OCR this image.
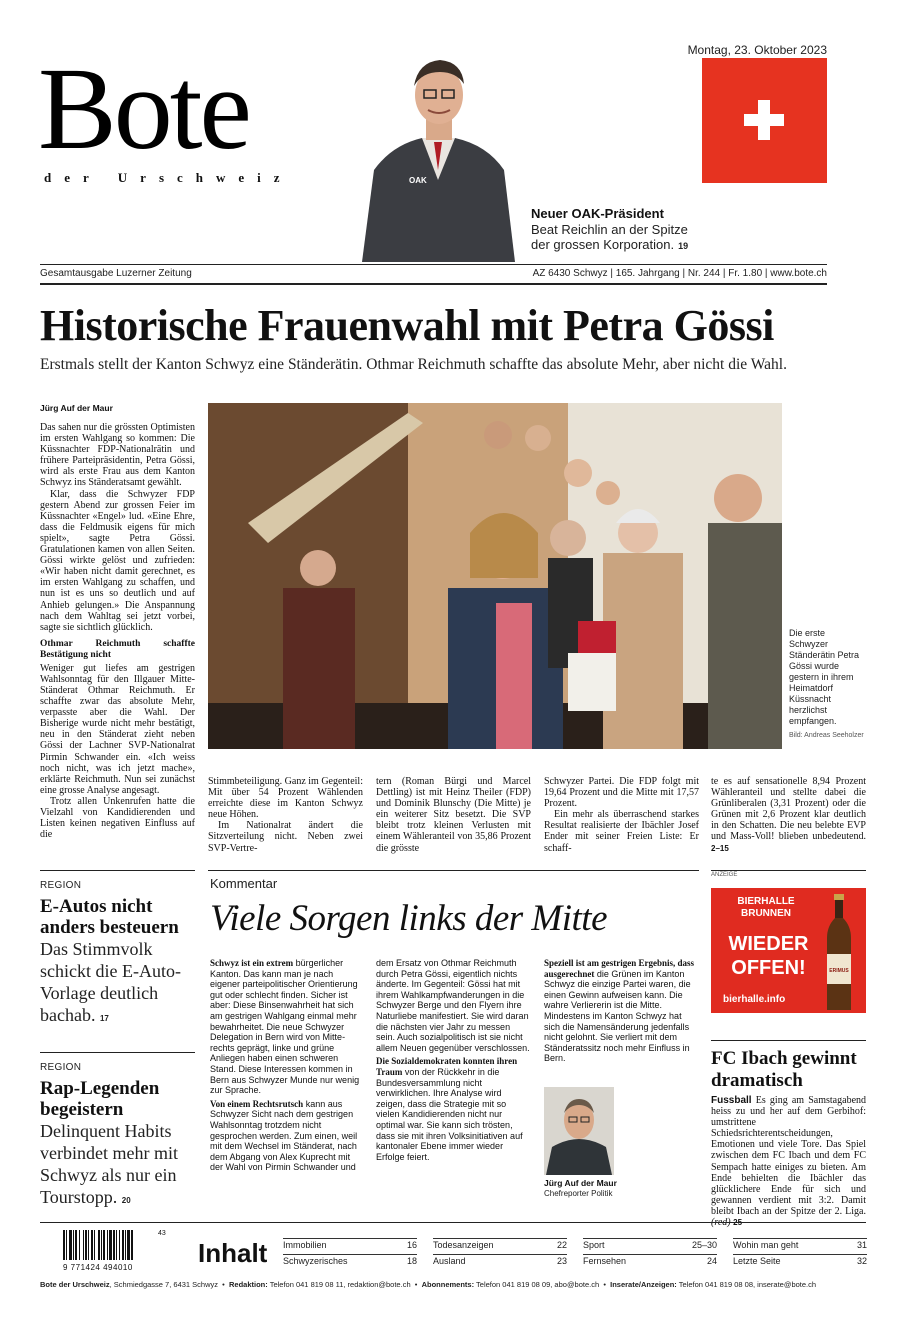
Bote
der Urschweiz	OAK
Neuer OAK-Präsident
Beat Reichlin an der Spitze
der grossen Korporation. 19
Montag, 23. Oktober 2023
Gesamtausgabe Luzerner Zeitung	AZ 6430 Schwyz | 165. Jahrgang | Nr. 244 | Fr. 1.80 | www.bote.ch
Historische Frauenwahl mit Petra Gössi
Erstmals stellt der Kanton Schwyz eine Ständerätin. Othmar Reichmuth schaffte das absolute Mehr, aber nicht die Wahl.
Jürg Auf der Maur

Das sahen nur die grössten Optimisten im ersten Wahlgang so kommen: Die Küssnachter FDP-Nationalrätin und frühere Parteipräsidentin, Petra Gössi, wird als erste Frau aus dem Kanton Schwyz ins Ständeratsamt gewählt.

Klar, dass die Schwyzer FDP gestern Abend zur grossen Feier im Küssnachter «Engel» lud. «Eine Ehre, dass die Feldmusik eigens für mich spielt», sagte Petra Gössi. Gratulationen kamen von allen Seiten. Gössi wirkte gelöst und zufrieden: «Wir haben nicht damit gerechnet, es im ersten Wahlgang zu schaffen, und nun ist es uns so deutlich und auf Anhieb gelungen.» Die Anspannung nach dem Wahltag sei jetzt vorbei, sagte sie sichtlich glücklich.

Othmar Reichmuth schaffte Bestätigung nicht

Weniger gut liefes am gestrigen Wahlsonntag für den Illgauer Mitte-Ständerat Othmar Reichmuth. Er schaffte zwar das absolute Mehr, verpasste aber die Wahl. Der Bisherige wurde nicht mehr bestätigt, neu in den Ständerat zieht neben Gössi der Lachner SVP-Nationalrat Pirmin Schwander ein. «Ich weiss noch nicht, was ich jetzt mache», erklärte Reichmuth. Nun sei zunächst eine grosse Analyse angesagt.

Trotz allen Unkenrufen hatte die Vielzahl von Kandidierenden und Listen keinen negativen Einfluss auf die

Die erste Schwyzer Ständerätin Petra Gössi wurde gestern in ihrem Heimatdorf Küssnacht herzlichst empfangen.
Bild: Andreas Seeholzer

Stimmbeteiligung. Ganz im Gegenteil: Mit über 54 Prozent Wählenden erreichte diese im Kanton Schwyz neue Höhen.

Im Nationalrat ändert die Sitzverteilung nicht. Neben zwei SVP-Vertre-

tern (Roman Bürgi und Marcel Dettling) ist mit Heinz Theiler (FDP) und Dominik Blunschy (Die Mitte) je ein weiterer Sitz besetzt. Die SVP bleibt trotz kleinen Verlusten mit einem Wähleranteil von 35,86 Prozent die grösste

Schwyzer Partei. Die FDP folgt mit 19,64 Prozent und die Mitte mit 17,57 Prozent.

Ein mehr als überraschend starkes Resultat realisierte der Ibächler Josef Ender mit seiner Freien Liste: Er schaff-

te es auf sensationelle 8,94 Prozent Wähleranteil und stellte dabei die Grünliberalen (3,31 Prozent) oder die Grünen mit 2,6 Prozent klar deutlich in den Schatten. Die neu belebte EVP und Mass-Voll! blieben unbedeutend. 2–15

REGION
E-Autos nicht anders besteuern
Das Stimmvolk schickt die E-Auto-Vorlage deutlich bachab. 17
REGION
Rap-Legenden begeistern
Delinquent Habits verbindet mehr mit Schwyz als nur ein Tourstopp. 20
Kommentar
Viele Sorgen links der Mitte

Schwyz ist ein extrem bürgerlicher Kanton. Das kann man je nach eigener parteipolitischer Orientierung gut oder schlecht finden. Sicher ist aber: Diese Binsenwahrheit hat sich am gestrigen Wahlgang einmal mehr bewahrheitet. Die neue Schwyzer Delegation in Bern wird von Mitte-rechts geprägt, linke und grüne Anliegen haben einen schweren Stand. Diese Interessen kommen in Bern aus Schwyzer Munde nur wenig zur Sprache.

Von einem Rechtsrutsch kann aus Schwyzer Sicht nach dem gestrigen Wahlsonntag trotzdem nicht gesprochen werden. Zum einen, weil mit dem Wechsel im Ständerat, nach dem Abgang von Alex Kuprecht mit der Wahl von Pirmin Schwander und

dem Ersatz von Othmar Reichmuth durch Petra Gössi, eigentlich nichts änderte. Im Gegenteil: Gössi hat mit ihrem Wahlkampfwanderungen in die Schwyzer Berge und den Flyern ihre Naturliebe manifestiert. Sie wird daran die nächsten vier Jahr zu messen sein. Auch sozialpolitisch ist sie nicht allem Neuen gegenüber verschlossen.

Die Sozialdemokraten konnten ihren Traum von der Rückkehr in die Bundesversammlung nicht verwirklichen. Ihre Analyse wird zeigen, dass die Strategie mit so vielen Kandidierenden nicht nur optimal war. Sie kann sich trösten, dass sie mit ihren Volksinitiativen auf kantonaler Ebene immer wieder Erfolge feiert.

Speziell ist am gestrigen Ergebnis, dass ausgerechnet die Grünen im Kanton Schwyz die einzige Partei waren, die einen Gewinn aufweisen kann. Die wahre Verliererin ist die Mitte. Mindestens im Kanton Schwyz hat sich die Namensänderung jedenfalls nicht gelohnt. Sie verliert mit dem Ständeratssitz noch mehr Einfluss in Bern.

Jürg Auf der Maur
Chefreporter Politik
ANZEIGE
BIERHALLE
BRUNNEN
WIEDER
OFFEN!
bierhalle.info
ERIMUS
FC Ibach gewinnt dramatisch

Fussball Es ging am Samstagabend heiss zu und her auf dem Gerbihof: umstrittene Schiedsrichterentscheidungen, Emotionen und viele Tore. Das Spiel zwischen dem FC Ibach und dem FC Sempach hatte einiges zu bieten. Am Ende behielten die Ibächler das glücklichere Ende für sich und gewannen verdient mit 3:2. Damit bleibt Ibach an der Spitze der 2. Liga.

9 771424 494010
43
Inhalt Immobilien	16
Schwyzerisches	18
Todesanzeigen	22
Ausland	23
Sport	25–30
Fernsehen	24
Wohin man geht	31
Letzte Seite	32
Bote der Urschweiz, Schmiedgasse 7, 6431 Schwyz  •  Redaktion: Telefon 041 819 08 11, redaktion@bote.ch  •  Abonnements: Telefon 041 819 08 09, abo@bote.ch  •  Inserate/Anzeigen: Telefon 041 819 08 08, inserate@bote.ch
